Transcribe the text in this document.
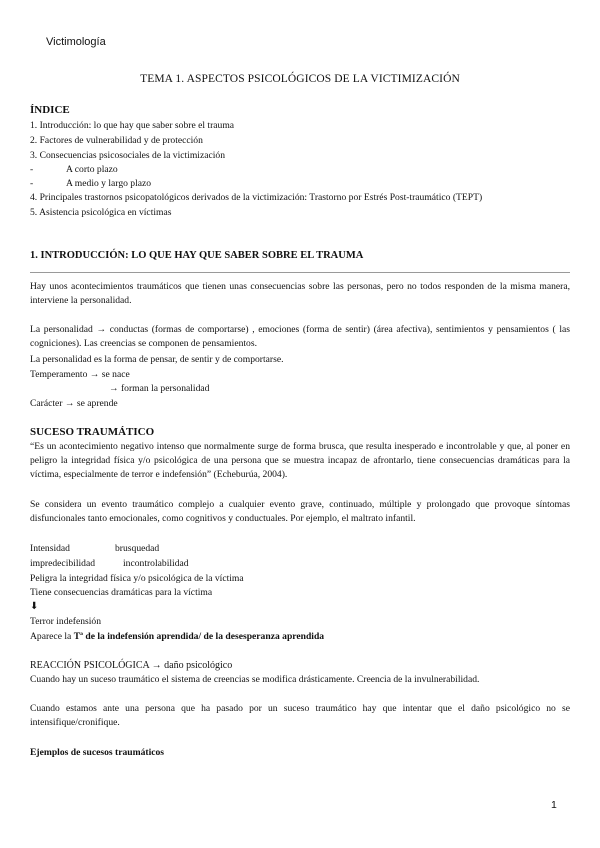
Victimología
TEMA 1. ASPECTOS PSICOLÓGICOS DE LA VICTIMIZACIÓN
ÍNDICE
1. Introducción: lo que hay que saber sobre el trauma
2. Factores de vulnerabilidad y de protección
3. Consecuencias psicosociales de la victimización
-	A corto plazo
-	A medio y largo plazo
4. Principales trastornos psicopatológicos derivados de la victimización: Trastorno por Estrés Post-traumático (TEPT)
5. Asistencia psicológica en víctimas
1. INTRODUCCIÓN: LO QUE HAY QUE SABER SOBRE EL TRAUMA
Hay unos acontecimientos traumáticos que tienen unas consecuencias sobre las personas, pero no todos responden de la misma manera, interviene la personalidad.
La personalidad → conductas (formas de comportarse) , emociones (forma de sentir) (área afectiva), sentimientos y pensamientos ( las cogniciones). Las creencias se componen de pensamientos.
La personalidad es la forma de pensar, de sentir y de comportarse.
Temperamento → se nace
→ forman la personalidad
Carácter → se aprende
SUCESO TRAUMÁTICO
“Es un acontecimiento negativo intenso que normalmente surge de forma brusca, que resulta inesperado e incontrolable y que, al poner en peligro la integridad física y/o psicológica de una persona que se muestra incapaz de afrontarlo, tiene consecuencias dramáticas para la víctima, especialmente de terror e indefensión” (Echeburúa, 2004).
Se considera un evento traumático complejo a cualquier evento grave, continuado, múltiple y prolongado que provoque síntomas disfuncionales tanto emocionales, como cognitivos y conductuales. Por ejemplo, el maltrato infantil.
Intensidad	brusquedad
impredecibilidad	incontrolabilidad
Peligra la integridad física y/o psicológica de la víctima
Tiene consecuencias dramáticas para la víctima
⬇
Terror indefensión
Aparece la Tª de la indefensión aprendida/ de la desesperanza aprendida
REACCIÓN PSICOLÓGICA → daño psicológico
Cuando hay un suceso traumático el sistema de creencias se modifica drásticamente. Creencia de la invulnerabilidad.
Cuando estamos ante una persona que ha pasado por un suceso traumático hay que intentar que el daño psicológico no se intensifique/cronifique.
Ejemplos de sucesos traumáticos
1
